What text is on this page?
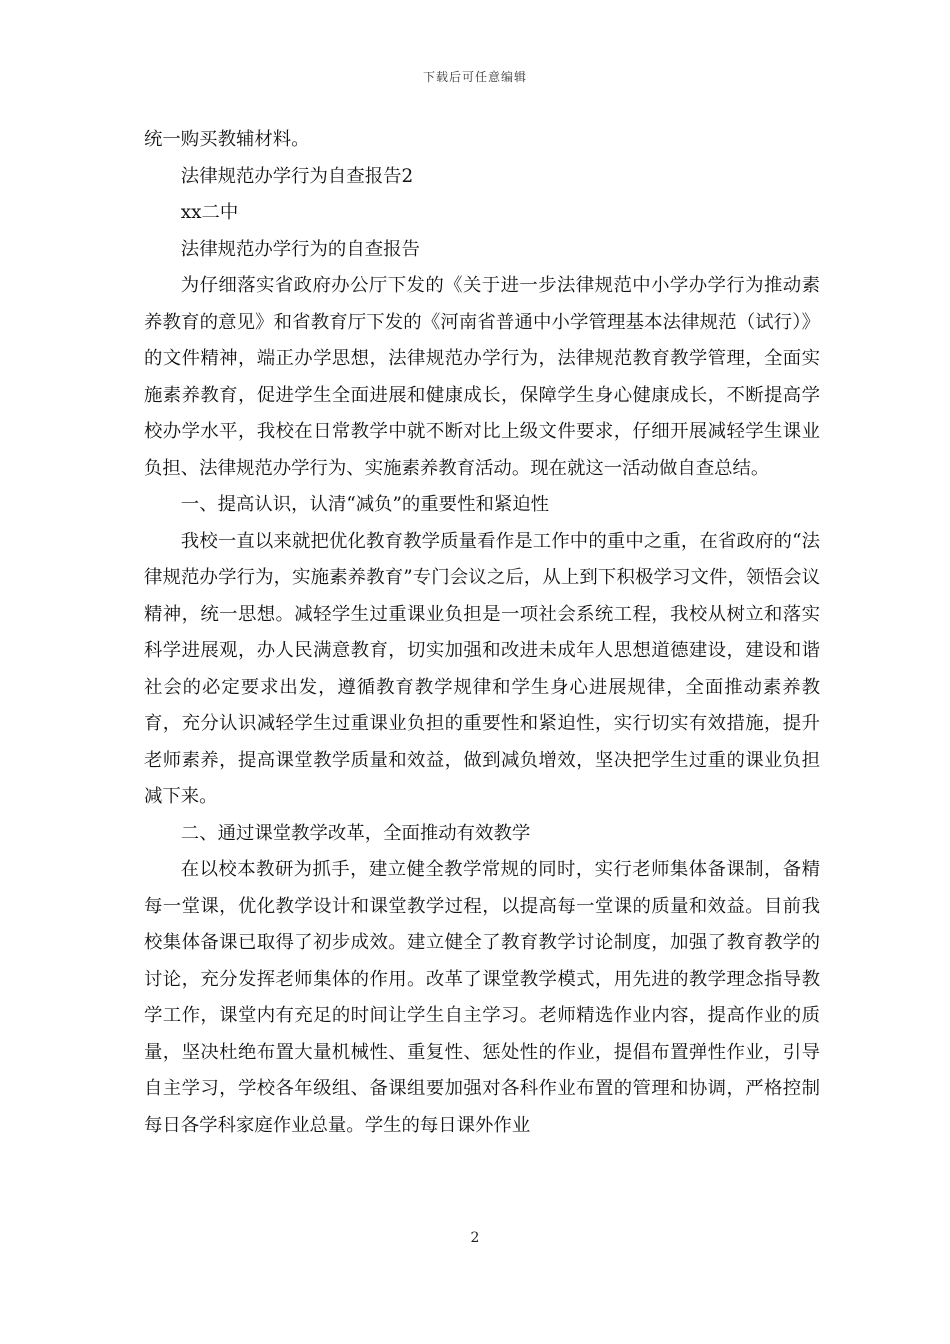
下载后可任意编辑

统一购买教辅材料。

法律规范办学行为自查报告2

xx二中

法律规范办学行为的自查报告

为仔细落实省政府办公厅下发的《关于进一步法律规范中小学办学行为推动素养教育的意见》和省教育厅下发的《河南省普通中小学管理基本法律规范（试行）》的文件精神，端正办学思想，法律规范办学行为，法律规范教育教学管理，全面实施素养教育，促进学生全面进展和健康成长，保障学生身心健康成长，不断提高学校办学水平，我校在日常教学中就不断对比上级文件要求，仔细开展减轻学生课业负担、法律规范办学行为、实施素养教育活动。现在就这一活动做自查总结。

一、提高认识，认清“减负”的重要性和紧迫性

我校一直以来就把优化教育教学质量看作是工作中的重中之重，在省政府的“法律规范办学行为，实施素养教育”专门会议之后，从上到下积极学习文件，领悟会议精神，统一思想。减轻学生过重课业负担是一项社会系统工程，我校从树立和落实科学进展观，办人民满意教育，切实加强和改进未成年人思想道德建设，建设和谐社会的必定要求出发，遵循教育教学规律和学生身心进展规律，全面推动素养教育，充分认识减轻学生过重课业负担的重要性和紧迫性，实行切实有效措施，提升老师素养，提高课堂教学质量和效益，做到减负增效，坚决把学生过重的课业负担减下来。

二、通过课堂教学改革，全面推动有效教学

在以校本教研为抓手，建立健全教学常规的同时，实行老师集体备课制，备精每一堂课，优化教学设计和课堂教学过程，以提高每一堂课的质量和效益。目前我校集体备课已取得了初步成效。建立健全了教育教学讨论制度，加强了教育教学的讨论，充分发挥老师集体的作用。改革了课堂教学模式，用先进的教学理念指导教学工作，课堂内有充足的时间让学生自主学习。老师精选作业内容，提高作业的质量，坚决杜绝布置大量机械性、重复性、惩处性的作业，提倡布置弹性作业，引导自主学习，学校各年级组、备课组要加强对各科作业布置的管理和协调，严格控制每日各学科家庭作业总量。学生的每日课外作业

2
